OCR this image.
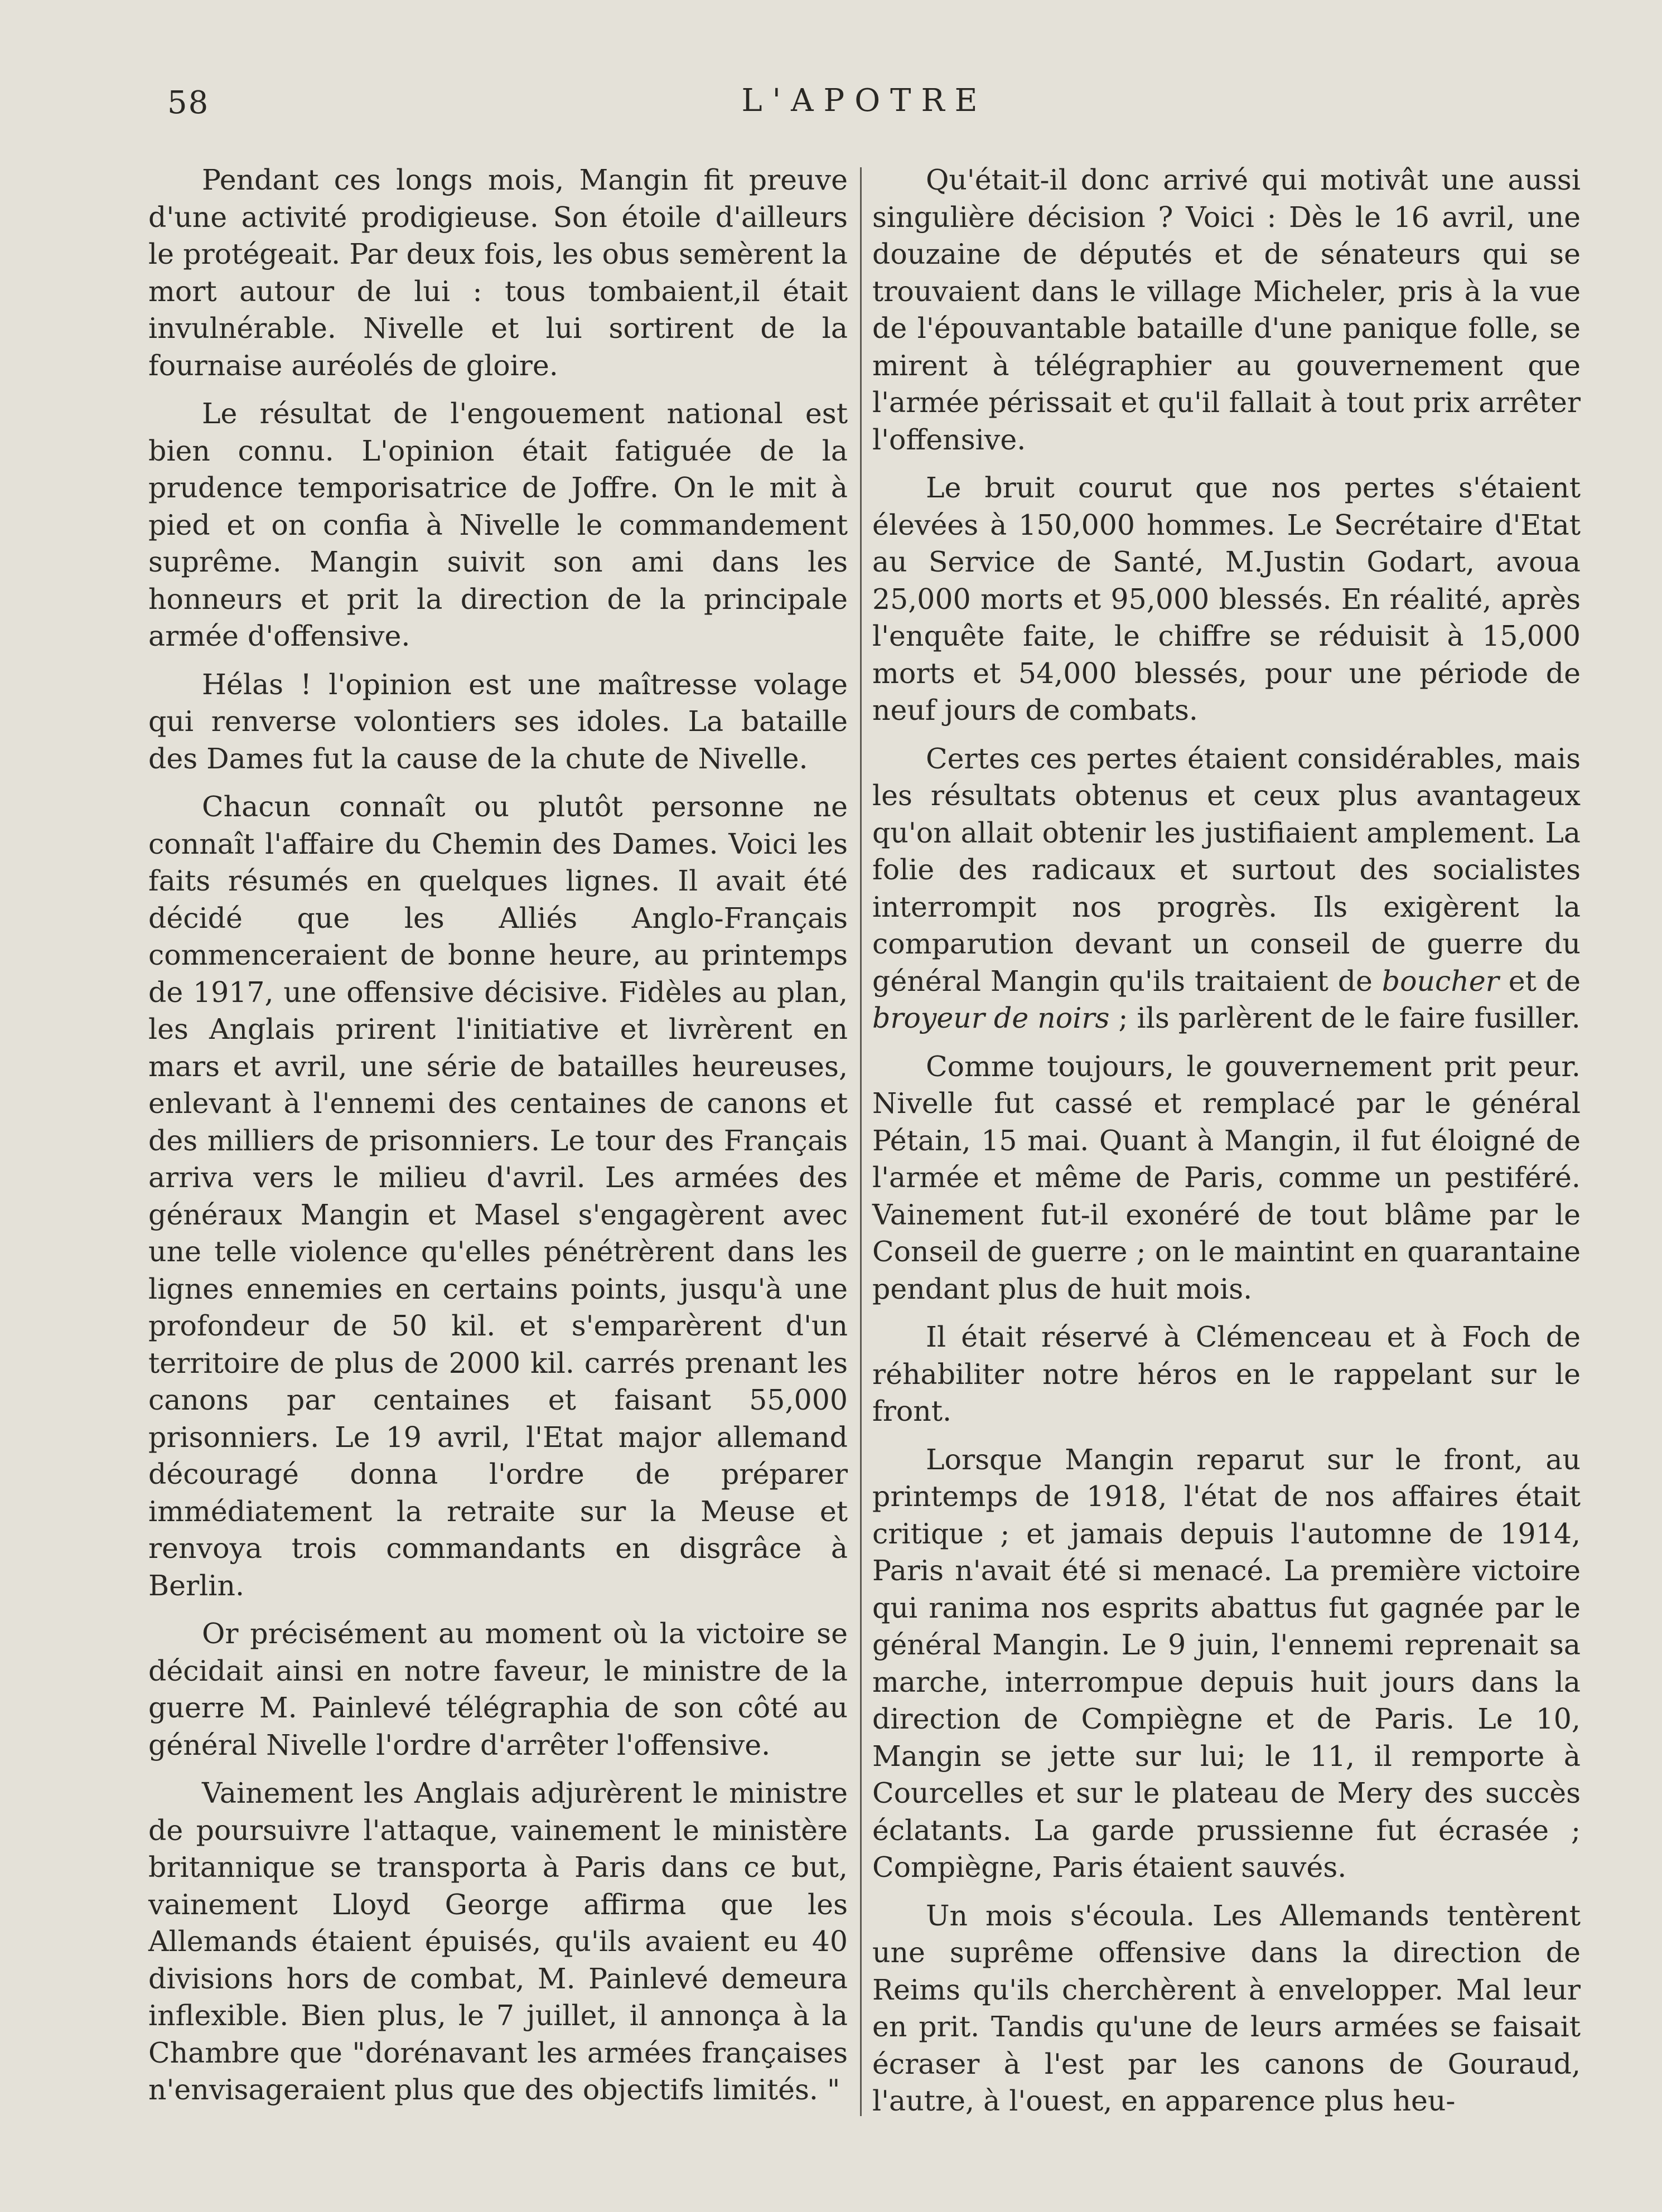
58	L'APOTRE

Pendant ces longs mois, Mangin fit preuve d'une activité prodigieuse. Son étoile d'ailleurs le protégeait. Par deux fois, les obus semèrent la mort autour de lui : tous tombaient,il était invulnérable. Nivelle et lui sortirent de la fournaise auréolés de gloire.

Le résultat de l'engouement national est bien connu. L'opinion était fatiguée de la prudence temporisatrice de Joffre. On le mit à pied et on confia à Nivelle le commandement suprême. Mangin suivit son ami dans les honneurs et prit la direction de la principale armée d'offensive.

Hélas ! l'opinion est une maîtresse volage qui renverse volontiers ses idoles. La bataille des Dames fut la cause de la chute de Nivelle.

Chacun connaît ou plutôt personne ne connaît l'affaire du Chemin des Dames. Voici les faits résumés en quelques lignes. Il avait été décidé que les Alliés Anglo-Français commenceraient de bonne heure, au printemps de 1917, une offensive décisive. Fidèles au plan, les Anglais prirent l'initiative et livrèrent en mars et avril, une série de batailles heureuses, enlevant à l'ennemi des centaines de canons et des milliers de prisonniers. Le tour des Français arriva vers le milieu d'avril. Les armées des généraux Mangin et Masel s'engagèrent avec une telle violence qu'elles pénétrèrent dans les lignes ennemies en certains points, jusqu'à une profondeur de 50 kil. et s'emparèrent d'un territoire de plus de 2000 kil. carrés prenant les canons par centaines et faisant 55,000 prisonniers. Le 19 avril, l'Etat major allemand découragé donna l'ordre de préparer immédiatement la retraite sur la Meuse et renvoya trois commandants en disgrâce à Berlin.

Or précisément au moment où la victoire se décidait ainsi en notre faveur, le ministre de la guerre M. Painlevé télégraphia de son côté au général Nivelle l'ordre d'arrêter l'offensive.

Vainement les Anglais adjurèrent le ministre de poursuivre l'attaque, vainement le ministère britannique se transporta à Paris dans ce but, vainement Lloyd George affirma que les Allemands étaient épuisés, qu'ils avaient eu 40 divisions hors de combat, M. Painlevé demeura inflexible. Bien plus, le 7 juillet, il annonça à la Chambre que "dorénavant les armées françaises n'envisageraient plus que des objectifs limités. "

Qu'était-il donc arrivé qui motivât une aussi singulière décision ? Voici : Dès le 16 avril, une douzaine de députés et de sénateurs qui se trouvaient dans le village Micheler, pris à la vue de l'épouvantable bataille d'une panique folle, se mirent à télégraphier au gouvernement que l'armée périssait et qu'il fallait à tout prix arrêter l'offensive.

Le bruit courut que nos pertes s'étaient élevées à 150,000 hommes. Le Secrétaire d'Etat au Service de Santé, M.Justin Godart, avoua 25,000 morts et 95,000 blessés. En réalité, après l'enquête faite, le chiffre se réduisit à 15,000 morts et 54,000 blessés, pour une période de neuf jours de combats.

Certes ces pertes étaient considérables, mais les résultats obtenus et ceux plus avantageux qu'on allait obtenir les justifiaient amplement. La folie des radicaux et surtout des socialistes interrompit nos progrès. Ils exigèrent la comparution devant un conseil de guerre du général Mangin qu'ils traitaient de boucher et de broyeur de noirs ; ils parlèrent de le faire fusiller.

Comme toujours, le gouvernement prit peur. Nivelle fut cassé et remplacé par le général Pétain, 15 mai. Quant à Mangin, il fut éloigné de l'armée et même de Paris, comme un pestiféré. Vainement fut-il exonéré de tout blâme par le Conseil de guerre ; on le maintint en quarantaine pendant plus de huit mois.

Il était réservé à Clémenceau et à Foch de réhabiliter notre héros en le rappelant sur le front.

Lorsque Mangin reparut sur le front, au printemps de 1918, l'état de nos affaires était critique ; et jamais depuis l'automne de 1914, Paris n'avait été si menacé. La première victoire qui ranima nos esprits abattus fut gagnée par le général Mangin. Le 9 juin, l'ennemi reprenait sa marche, interrompue depuis huit jours dans la direction de Compiègne et de Paris. Le 10, Mangin se jette sur lui; le 11, il remporte à Courcelles et sur le plateau de Mery des succès éclatants. La garde prussienne fut écrasée ; Compiègne, Paris étaient sauvés.

Un mois s'écoula. Les Allemands tentèrent une suprême offensive dans la direction de Reims qu'ils cherchèrent à envelopper. Mal leur en prit. Tandis qu'une de leurs armées se faisait écraser à l'est par les canons de Gouraud, l'autre, à l'ouest, en apparence plus heu-
